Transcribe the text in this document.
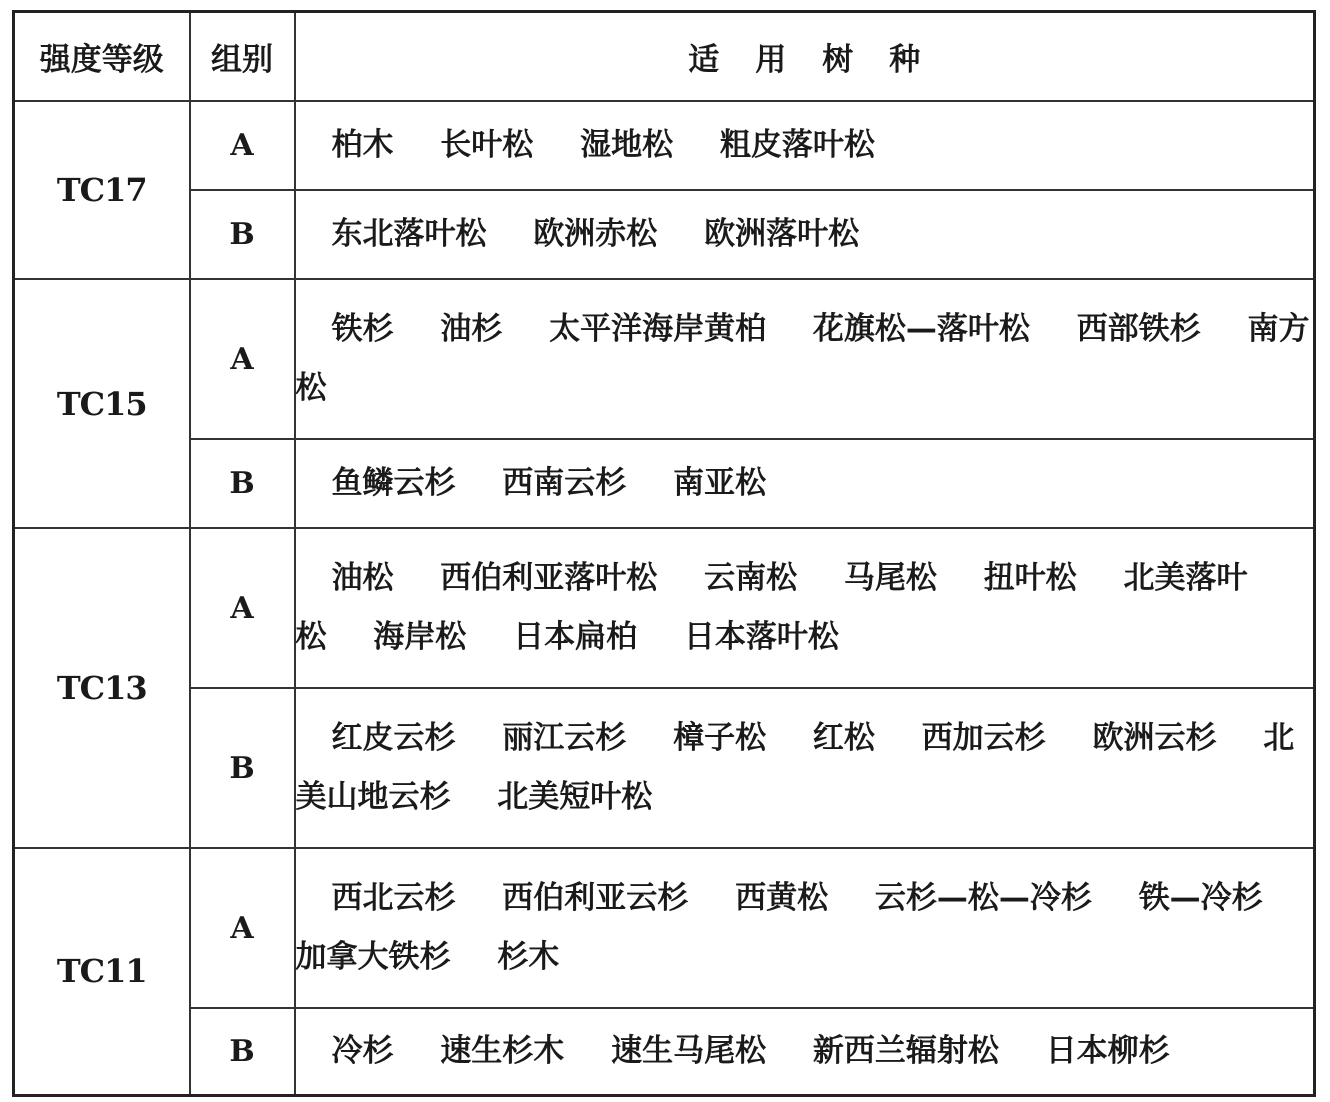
强度等级	组别	适 用 树 种
TC17	A	柏木 长叶松 湿地松 粗皮落叶松
	B	东北落叶松 欧洲赤松 欧洲落叶松
TC15	A	铁杉 油杉 太平洋海岸黄柏 花旗松—落叶松 西部铁杉 南方松
	B	鱼鳞云杉 西南云杉 南亚松
TC13	A	油松 西伯利亚落叶松 云南松 马尾松 扭叶松 北美落叶松 海岸松 日本扁柏 日本落叶松
	B	红皮云杉 丽江云杉 樟子松 红松 西加云杉 欧洲云杉 北美山地云杉 北美短叶松
TC11	A	西北云杉 西伯利亚云杉 西黄松 云杉—松—冷杉 铁—冷杉 加拿大铁杉 杉木
	B	冷杉 速生杉木 速生马尾松 新西兰辐射松 日本柳杉
